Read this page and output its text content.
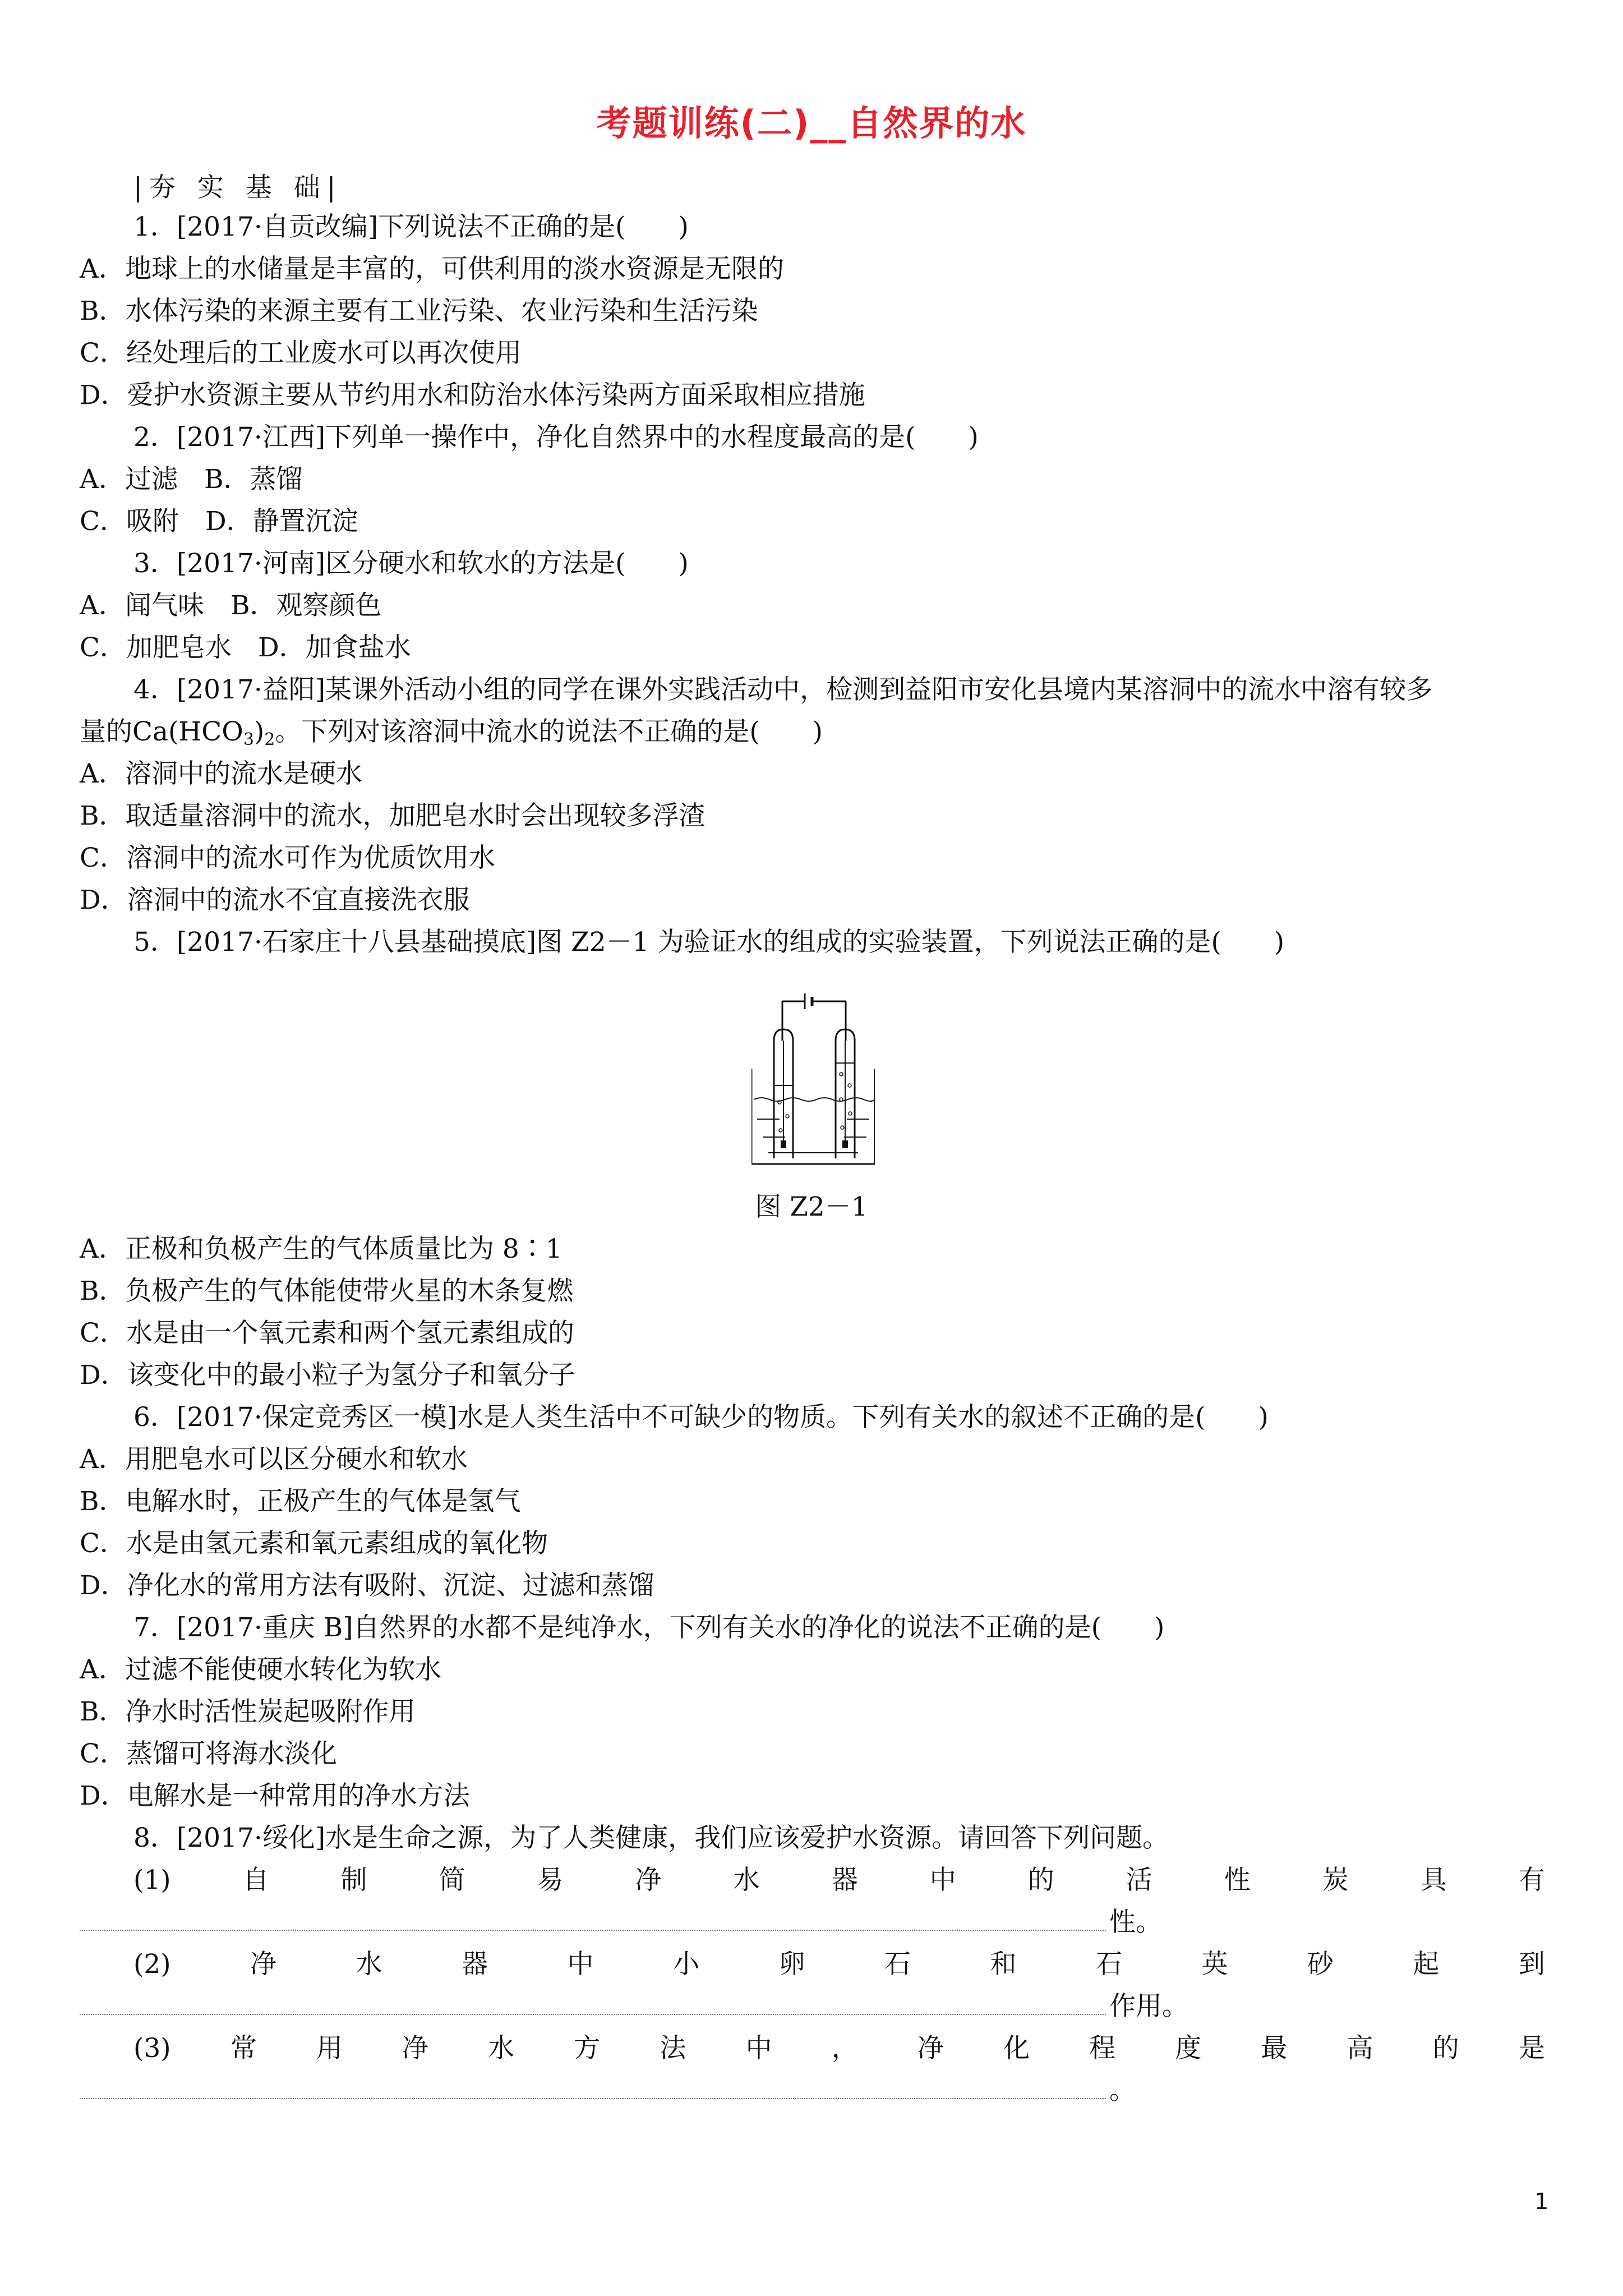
考题训练(二)__自然界的水
|夯 实 基 础|
1．[2017·自贡改编]下列说法不正确的是(　　)
A．地球上的水储量是丰富的，可供利用的淡水资源是无限的
B．水体污染的来源主要有工业污染、农业污染和生活污染
C．经处理后的工业废水可以再次使用
D．爱护水资源主要从节约用水和防治水体污染两方面采取相应措施
2．[2017·江西]下列单一操作中，净化自然界中的水程度最高的是(　　)
A．过滤　B．蒸馏
C．吸附　D．静置沉淀
3．[2017·河南]区分硬水和软水的方法是(　　)
A．闻气味　B．观察颜色
C．加肥皂水　D．加食盐水
4．[2017·益阳]某课外活动小组的同学在课外实践活动中，检测到益阳市安化县境内某溶洞中的流水中溶有较多
量的$Ca(HCO_3)_2$。下列对该溶洞中流水的说法不正确的是(　　)
A．溶洞中的流水是硬水
B．取适量溶洞中的流水，加肥皂水时会出现较多浮渣
C．溶洞中的流水可作为优质饮用水
D．溶洞中的流水不宜直接洗衣服
5．[2017·石家庄十八县基础摸底]图 Z2－1 为验证水的组成的实验装置，下列说法正确的是(　　)
图 Z2－1
A．正极和负极产生的气体质量比为 8∶1
B．负极产生的气体能使带火星的木条复燃
C．水是由一个氧元素和两个氢元素组成的
D．该变化中的最小粒子为氢分子和氧分子
6．[2017·保定竞秀区一模]水是人类生活中不可缺少的物质。下列有关水的叙述不正确的是(　　)
A．用肥皂水可以区分硬水和软水
B．电解水时，正极产生的气体是氢气
C．水是由氢元素和氧元素组成的氧化物
D．净化水的常用方法有吸附、沉淀、过滤和蒸馏
7．[2017·重庆 B]自然界的水都不是纯净水，下列有关水的净化的说法不正确的是(　　)
A．过滤不能使硬水转化为软水
B．净水时活性炭起吸附作用
C．蒸馏可将海水淡化
D．电解水是一种常用的净水方法
8．[2017·绥化]水是生命之源，为了人类健康，我们应该爱护水资源。请回答下列问题。
(1)	自	制	简	易	净	水	器	中	的	活	性	炭	具	有
性。
(2)	净	水	器	中	小	卵	石	和	石	英	砂	起	到
作用。
(3) 常 用 净 水 方 法 中 ， 净 化 程 度 最 高 的 是
。
1
